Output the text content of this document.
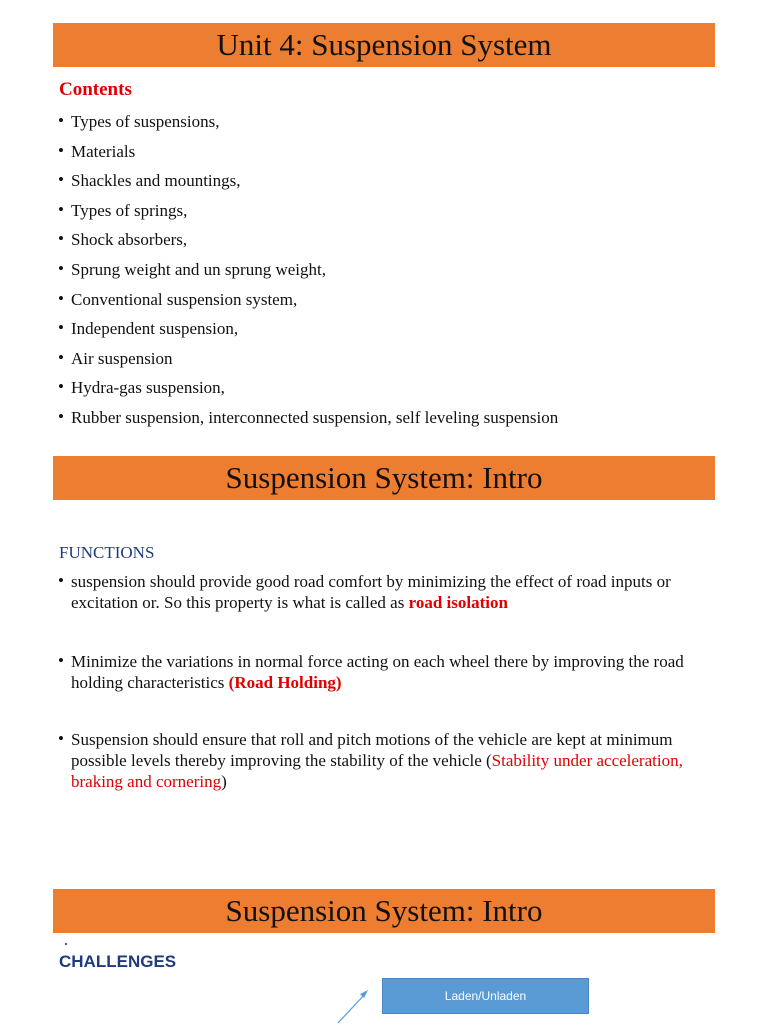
Unit 4: Suspension System
Contents
• Types of suspensions,
• Materials
• Shackles and mountings,
• Types of springs,
• Shock absorbers,
• Sprung weight and un sprung weight,
• Conventional suspension system,
• Independent suspension,
• Air suspension
• Hydra-gas suspension,
• Rubber suspension, interconnected suspension, self leveling suspension
Suspension System: Intro
FUNCTIONS
• suspension should provide good road comfort by minimizing the effect of road inputs or excitation or. So this property is what is called as road isolation
• Minimize the variations in normal force acting on each wheel there by improving the road holding characteristics (Road Holding)
• Suspension should ensure that roll and pitch motions of the vehicle are kept at minimum possible levels thereby improving the stability of the vehicle (Stability under acceleration, braking and cornering)
Suspension System: Intro
CHALLENGES
Laden/Unladen
